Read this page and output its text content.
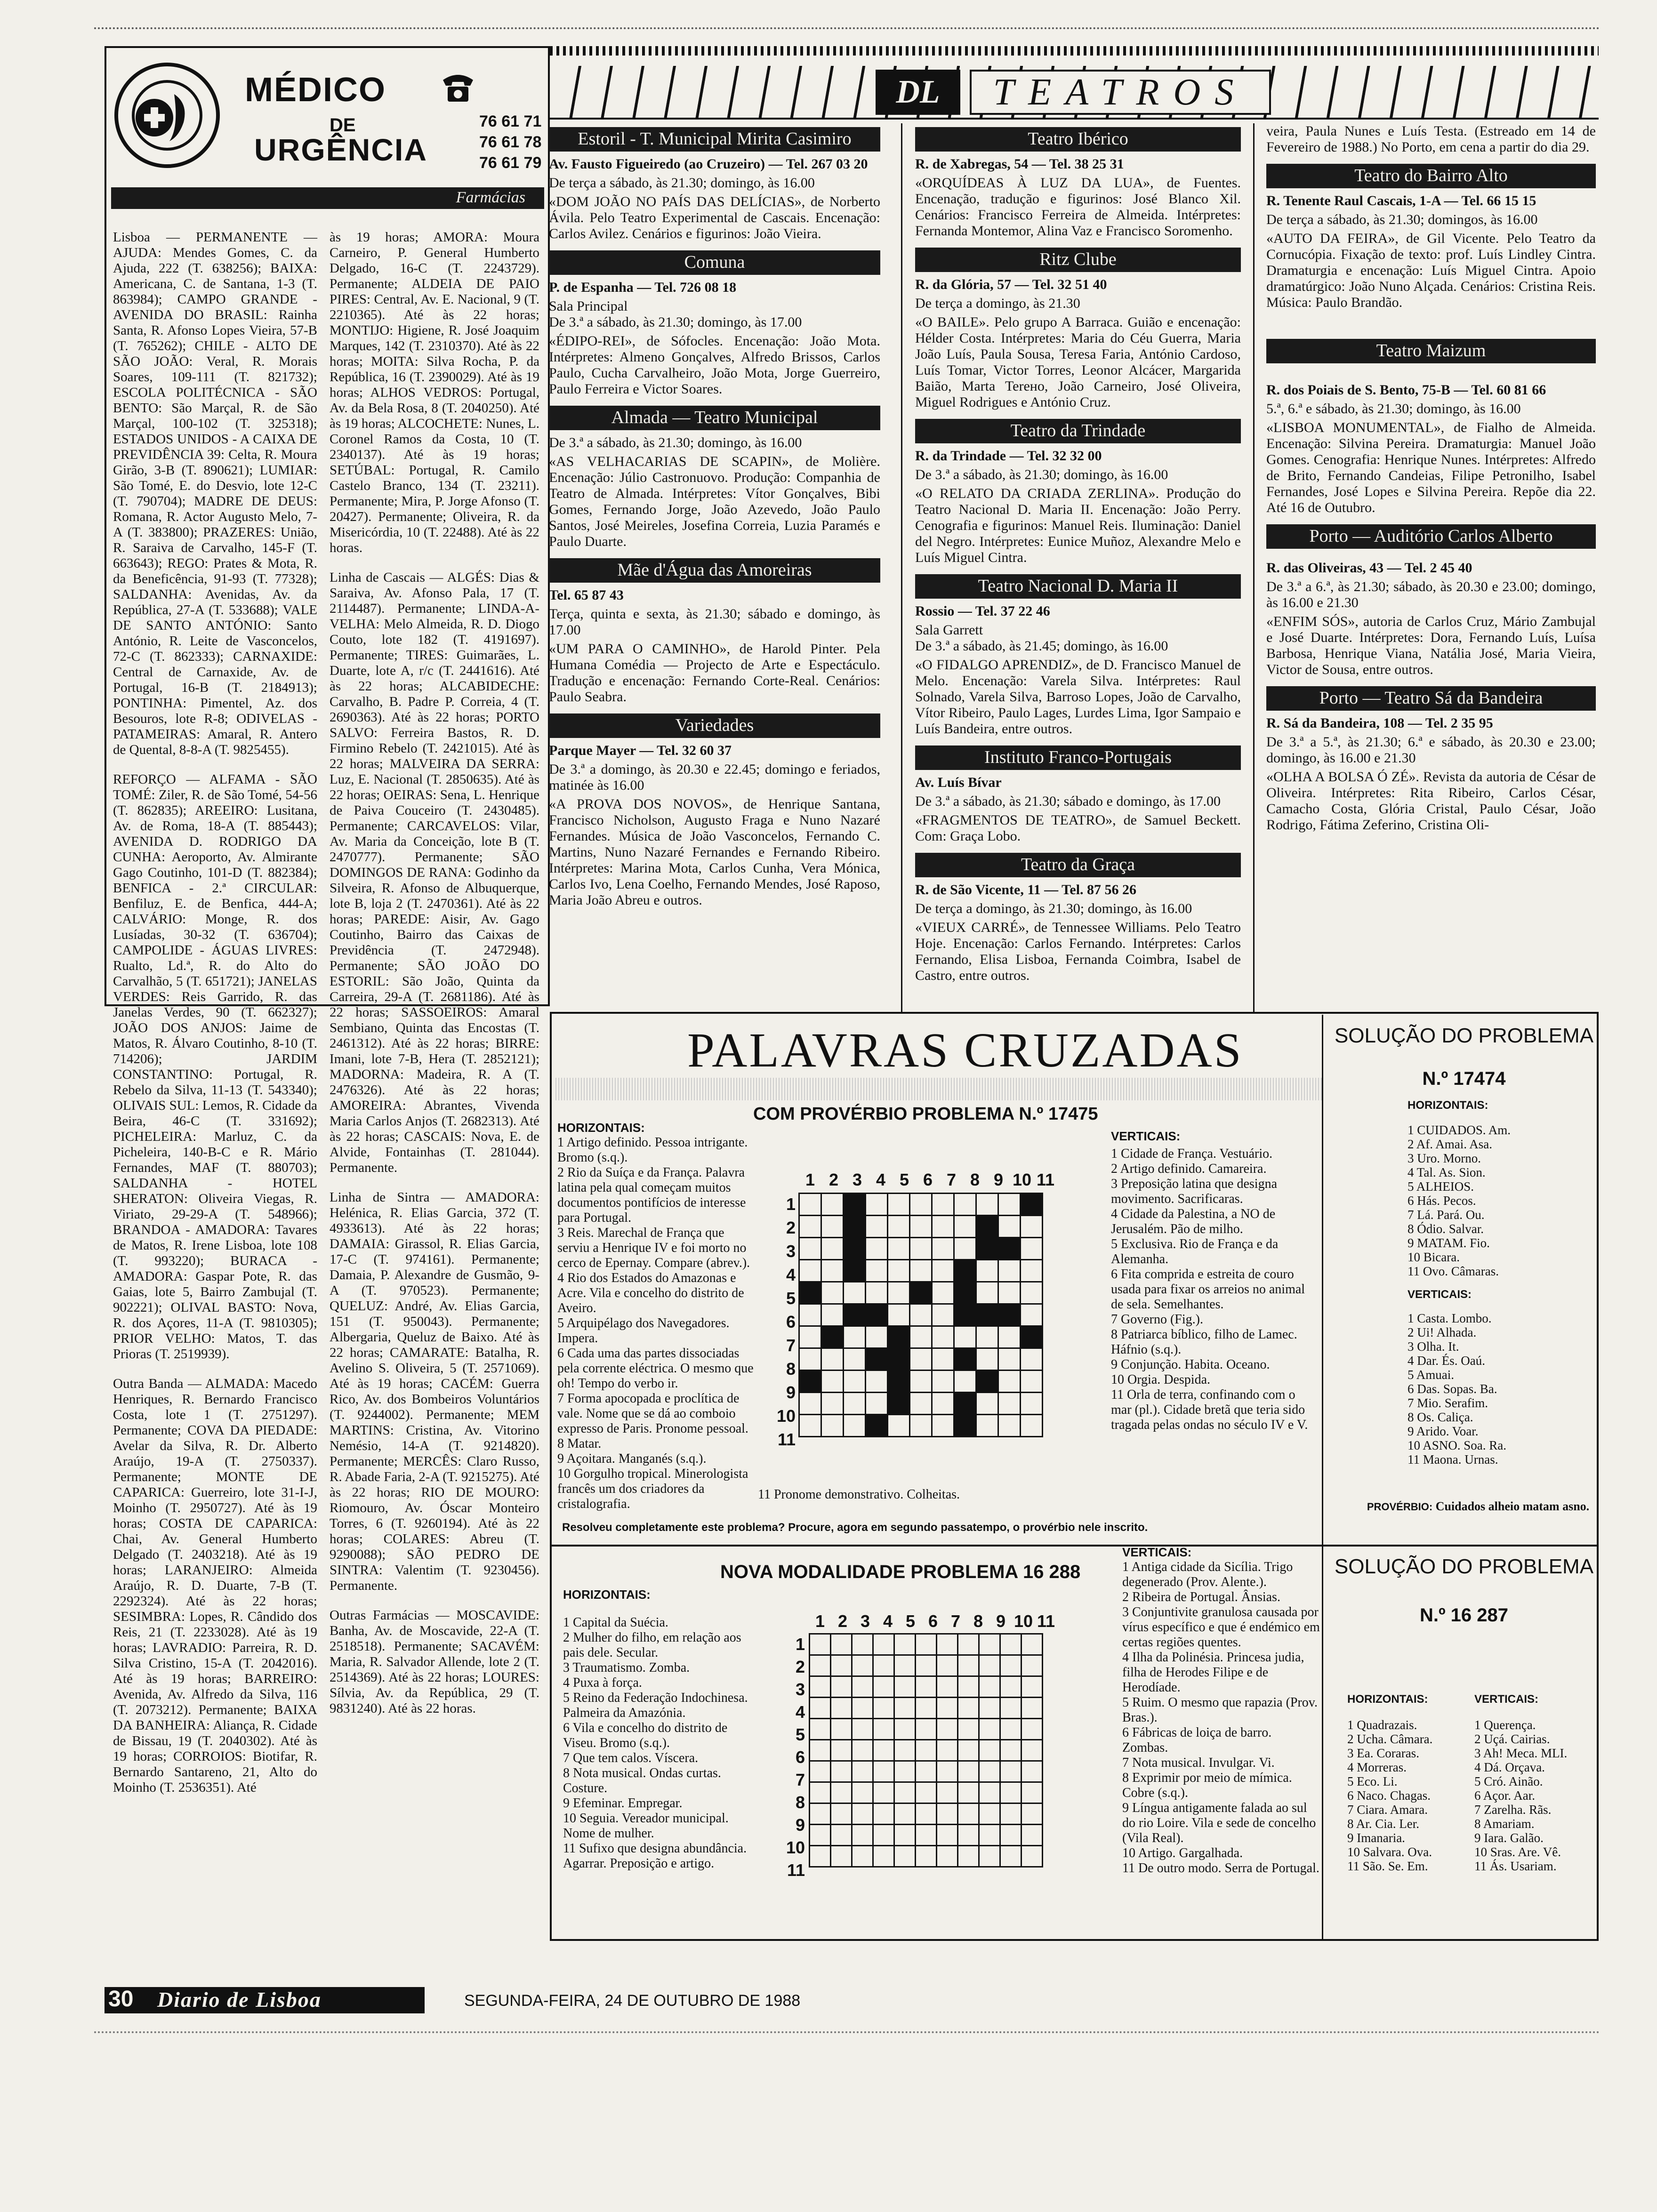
MÉDICO
DE
URGÊNCIA
76 61 71
76 61 78
76 61 79
Farmácias

Lisboa — PERMANENTE — AJUDA: Mendes Gomes, C. da Ajuda, 222 (T. 638256); BAIXA: Americana, C. de Santana, 1-3 (T. 863984); CAMPO GRANDE - AVENIDA DO BRASIL: Rainha Santa, R. Afonso Lopes Vieira, 57-B (T. 765262); CHILE - ALTO DE SÃO JOÃO: Veral, R. Morais Soares, 109-111 (T. 821732); ESCOLA POLITÉCNICA - SÃO BENTO: São Marçal, R. de São Marçal, 100-102 (T. 325318); ESTADOS UNIDOS - A CAIXA DE PREVIDÊNCIA 39: Celta, R. Moura Girão, 3-B (T. 890621); LUMIAR: São Tomé, E. do Desvio, lote 12-C (T. 790704); MADRE DE DEUS: Romana, R. Actor Augusto Melo, 7-A (T. 383800); PRAZERES: União, R. Saraiva de Carvalho, 145-F (T. 663643); REGO: Prates & Mota, R. da Beneficência, 91-93 (T. 77328); SALDANHA: Avenidas, Av. da República, 27-A (T. 533688); VALE DE SANTO ANTÓNIO: Santo António, R. Leite de Vasconcelos, 72-C (T. 862333); CARNAXIDE: Central de Carnaxide, Av. de Portugal, 16-B (T. 2184913); PONTINHA: Pimentel, Az. dos Besouros, lote R-8; ODIVELAS - PATAMEIRAS: Amaral, R. Antero de Quental, 8-8-A (T. 9825455).

REFORÇO — ALFAMA - SÃO TOMÉ: Ziler, R. de São Tomé, 54-56 (T. 862835); AREEIRO: Lusitana, Av. de Roma, 18-A (T. 885443); AVENIDA D. RODRIGO DA CUNHA: Aeroporto, Av. Almirante Gago Coutinho, 101-D (T. 882384); BENFICA - 2.ª CIRCULAR: Benfiluz, E. de Benfica, 444-A; CALVÁRIO: Monge, R. dos Lusíadas, 30-32 (T. 636704); CAMPOLIDE - ÁGUAS LIVRES: Rualto, Ld.ª, R. do Alto do Carvalhão, 5 (T. 651721); JANELAS VERDES: Reis Garrido, R. das Janelas Verdes, 90 (T. 662327); JOÃO DOS ANJOS: Jaime de Matos, R. Álvaro Coutinho, 8-10 (T. 714206); JARDIM CONSTANTINO: Portugal, R. Rebelo da Silva, 11-13 (T. 543340); OLIVAIS SUL: Lemos, R. Cidade da Beira, 46-C (T. 331692); PICHELEIRA: Marluz, C. da Picheleira, 140-B-C e R. Mário Fernandes, MAF (T. 880703); SALDANHA - HOTEL SHERATON: Oliveira Viegas, R. Viriato, 29-29-A (T. 548966); BRANDOA - AMADORA: Tavares de Matos, R. Irene Lisboa, lote 108 (T. 993220); BURACA - AMADORA: Gaspar Pote, R. das Gaias, lote 5, Bairro Zambujal (T. 902221); OLIVAL BASTO: Nova, R. dos Açores, 11-A (T. 9810305); PRIOR VELHO: Matos, T. das Prioras (T. 2519939).

Outra Banda — ALMADA: Macedo Henriques, R. Bernardo Francisco Costa, lote 1 (T. 2751297). Permanente; COVA DA PIEDADE: Avelar da Silva, R. Dr. Alberto Araújo, 19-A (T. 2750337). Permanente; MONTE DE CAPARICA: Guerreiro, lote 31-I-J, Moinho (T. 2950727). Até às 19 horas; COSTA DE CAPARICA: Chai, Av. General Humberto Delgado (T. 2403218). Até às 19 horas; LARANJEIRO: Almeida Araújo, R. D. Duarte, 7-B (T. 2292324). Até às 22 horas; SESIMBRA: Lopes, R. Cândido dos Reis, 21 (T. 2233028). Até às 19 horas; LAVRADIO: Parreira, R. D. Silva Cristino, 15-A (T. 2042016). Até às 19 horas; BARREIRO: Avenida, Av. Alfredo da Silva, 116 (T. 2073212). Permanente; BAIXA DA BANHEIRA: Aliança, R. Cidade de Bissau, 19 (T. 2040302). Até às 19 horas; CORROIOS: Biotifar, R. Bernardo Santareno, 21, Alto do Moinho (T. 2536351). Até

às 19 horas; AMORA: Moura Carneiro, P. General Humberto Delgado, 16-C (T. 2243729). Permanente; ALDEIA DE PAIO PIRES: Central, Av. E. Nacional, 9 (T. 2210365). Até às 22 horas; MONTIJO: Higiene, R. José Joaquim Marques, 142 (T. 2310370). Até às 22 horas; MOITA: Silva Rocha, P. da República, 16 (T. 2390029). Até às 19 horas; ALHOS VEDROS: Portugal, Av. da Bela Rosa, 8 (T. 2040250). Até às 19 horas; ALCOCHETE: Nunes, L. Coronel Ramos da Costa, 10 (T. 2340137). Até às 19 horas; SETÚBAL: Portugal, R. Camilo Castelo Branco, 134 (T. 23211). Permanente; Mira, P. Jorge Afonso (T. 20427). Permanente; Oliveira, R. da Misericórdia, 10 (T. 22488). Até às 22 horas.

Linha de Cascais — ALGÉS: Dias & Saraiva, Av. Afonso Pala, 17 (T. 2114487). Permanente; LINDA-A-VELHA: Melo Almeida, R. D. Diogo Couto, lote 182 (T. 4191697). Permanente; TIRES: Guimarães, L. Duarte, lote A, r/c (T. 2441616). Até às 22 horas; ALCABIDECHE: Carvalho, B. Padre P. Correia, 4 (T. 2690363). Até às 22 horas; PORTO SALVO: Ferreira Bastos, R. D. Firmino Rebelo (T. 2421015). Até às 22 horas; MALVEIRA DA SERRA: Luz, E. Nacional (T. 2850635). Até às 22 horas; OEIRAS: Sena, L. Henrique de Paiva Couceiro (T. 2430485). Permanente; CARCAVELOS: Vilar, Av. Maria da Conceição, lote B (T. 2470777). Permanente; SÃO DOMINGOS DE RANA: Godinho da Silveira, R. Afonso de Albuquerque, lote B, loja 2 (T. 2470361). Até às 22 horas; PAREDE: Aisir, Av. Gago Coutinho, Bairro das Caixas de Previdência (T. 2472948). Permanente; SÃO JOÃO DO ESTORIL: São João, Quinta da Carreira, 29-A (T. 2681186). Até às 22 horas; SASSOEIROS: Amaral Sembiano, Quinta das Encostas (T. 2461312). Até às 22 horas; BIRRE: Imani, lote 7-B, Hera (T. 2852121); MADORNA: Madeira, R. A (T. 2476326). Até às 22 horas; AMOREIRA: Abrantes, Vivenda Maria Carlos Anjos (T. 2682313). Até às 22 horas; CASCAIS: Nova, E. de Alvide, Fontainhas (T. 281044). Permanente.

Linha de Sintra — AMADORA: Helénica, R. Elias Garcia, 372 (T. 4933613). Até às 22 horas; DAMAIA: Girassol, R. Elias Garcia, 17-C (T. 974161). Permanente; Damaia, P. Alexandre de Gusmão, 9-A (T. 970523). Permanente; QUELUZ: André, Av. Elias Garcia, 151 (T. 950043). Permanente; Albergaria, Queluz de Baixo. Até às 22 horas; CAMARATE: Batalha, R. Avelino S. Oliveira, 5 (T. 2571069). Até às 19 horas; CACÉM: Guerra Rico, Av. dos Bombeiros Voluntários (T. 9244002). Permanente; MEM MARTINS: Cristina, Av. Vitorino Nemésio, 14-A (T. 9214820). Permanente; MERCÊS: Claro Russo, R. Abade Faria, 2-A (T. 9215275). Até às 22 horas; RIO DE MOURO: Riomouro, Av. Óscar Monteiro Torres, 6 (T. 9260194). Até às 22 horas; COLARES: Abreu (T. 9290088); SÃO PEDRO DE SINTRA: Valentim (T. 9230456). Permanente.

Outras Farmácias — MOSCAVIDE: Banha, Av. de Moscavide, 22-A (T. 2518518). Permanente; SACAVÉM: Maria, R. Salvador Allende, lote 2 (T. 2514369). Até às 22 horas; LOURES: Sílvia, Av. da República, 29 (T. 9831240). Até às 22 horas.

DL	TEATROS
Estoril - T. Municipal Mirita Casimiro

Av. Fausto Figueiredo (ao Cruzeiro) — Tel. 267 03 20

De terça a sábado, às 21.30; domingo, às 16.00

«DOM JOÃO NO PAÍS DAS DELÍCIAS», de Norberto Ávila. Pelo Teatro Experimental de Cascais. Encenação: Carlos Avilez. Cenários e figurinos: João Vieira.

Comuna

P. de Espanha — Tel. 726 08 18

Sala Principal
De 3.ª a sábado, às 21.30; domingo, às 17.00

«ÉDIPO-REI», de Sófocles. Encenação: João Mota. Intérpretes: Almeno Gonçalves, Alfredo Brissos, Carlos Paulo, Cucha Carvalheiro, João Mota, Jorge Guerreiro, Paulo Ferreira e Victor Soares.

Almada — Teatro Municipal

De 3.ª a sábado, às 21.30; domingo, às 16.00

«AS VELHACARIAS DE SCAPIN», de Molière. Encenação: Júlio Castronuovo. Produção: Companhia de Teatro de Almada. Intérpretes: Vítor Gonçalves, Bibi Gomes, Fernando Jorge, João Azevedo, João Paulo Santos, José Meireles, Josefina Correia, Luzia Paramés e Paulo Duarte.

Mãe d'Água das Amoreiras

Tel. 65 87 43

Terça, quinta e sexta, às 21.30; sábado e domingo, às 17.00

«UM PARA O CAMINHO», de Harold Pinter. Pela Humana Comédia — Projecto de Arte e Espectáculo. Tradução e encenação: Fernando Corte-Real. Cenários: Paulo Seabra.

Variedades

Parque Mayer — Tel. 32 60 37

De 3.ª a domingo, às 20.30 e 22.45; domingo e feriados, matinée às 16.00

«A PROVA DOS NOVOS», de Henrique Santana, Francisco Nicholson, Augusto Fraga e Nuno Nazaré Fernandes. Música de João Vasconcelos, Fernando C. Martins, Nuno Nazaré Fernandes e Fernando Ribeiro. Intérpretes: Marina Mota, Carlos Cunha, Vera Mónica, Carlos Ivo, Lena Coelho, Fernando Mendes, José Raposo, Maria João Abreu e outros.

Teatro Ibérico

R. de Xabregas, 54 — Tel. 38 25 31

«ORQUÍDEAS À LUZ DA LUA», de Fuentes. Encenação, tradução e figurinos: José Blanco Xil. Cenários: Francisco Ferreira de Almeida. Intérpretes: Fernanda Montemor, Alina Vaz e Francisco Soromenho.

Ritz Clube

R. da Glória, 57 — Tel. 32 51 40

De terça a domingo, às 21.30

«O BAILE». Pelo grupo A Barraca. Guião e encenação: Hélder Costa. Intérpretes: Maria do Céu Guerra, Maria João Luís, Paula Sousa, Teresa Faria, António Cardoso, Luís Tomar, Victor Torres, Leonor Alcácer, Margarida Baião, Marta Terено, João Carneiro, José Oliveira, Miguel Rodrigues e António Cruz.

Teatro da Trindade

R. da Trindade — Tel. 32 32 00

De 3.ª a sábado, às 21.30; domingo, às 16.00

«O RELATO DA CRIADA ZERLINA». Produção do Teatro Nacional D. Maria II. Encenação: João Perry. Cenografia e figurinos: Manuel Reis. Iluminação: Daniel del Negro. Intérpretes: Eunice Muñoz, Alexandre Melo e Luís Miguel Cintra.

Teatro Nacional D. Maria II

Rossio — Tel. 37 22 46

Sala Garrett
De 3.ª a sábado, às 21.45; domingo, às 16.00

«O FIDALGO APRENDIZ», de D. Francisco Manuel de Melo. Encenação: Varela Silva. Intérpretes: Raul Solnado, Varela Silva, Barroso Lopes, João de Carvalho, Vítor Ribeiro, Paulo Lages, Lurdes Lima, Igor Sampaio e Luís Bandeira, entre outros.

Instituto Franco-Portugais

Av. Luís Bívar

De 3.ª a sábado, às 21.30; sábado e domingo, às 17.00

«FRAGMENTOS DE TEATRO», de Samuel Beckett. Com: Graça Lobo.

Teatro da Graça

R. de São Vicente, 11 — Tel. 87 56 26

De terça a domingo, às 21.30; domingo, às 16.00

«VIEUX CARRÉ», de Tennessee Williams. Pelo Teatro Hoje. Encenação: Carlos Fernando. Intérpretes: Carlos Fernando, Elisa Lisboa, Fernanda Coimbra, Isabel de Castro, entre outros.

veira, Paula Nunes e Luís Testa. (Estreado em 14 de Fevereiro de 1988.) No Porto, em cena a partir do dia 29.

Teatro do Bairro Alto

R. Tenente Raul Cascais, 1-A — Tel. 66 15 15

De terça a sábado, às 21.30; domingos, às 16.00

«AUTO DA FEIRA», de Gil Vicente. Pelo Teatro da Cornucópia. Fixação de texto: prof. Luís Lindley Cintra. Dramaturgia e encenação: Luís Miguel Cintra. Apoio dramatúrgico: João Nuno Alçada. Cenários: Cristina Reis. Música: Paulo Brandão.

Teatro Maizum

R. dos Poiais de S. Bento, 75-B — Tel. 60 81 66

5.ª, 6.ª e sábado, às 21.30; domingo, às 16.00

«LISBOA MONUMENTAL», de Fialho de Almeida. Encenação: Silvina Pereira. Dramaturgia: Manuel João Gomes. Cenografia: Henrique Nunes. Intérpretes: Alfredo de Brito, Fernando Candeias, Filipe Petronilho, Isabel Fernandes, José Lopes e Silvina Pereira. Repõe dia 22. Até 16 de Outubro.

Porto — Auditório Carlos Alberto

R. das Oliveiras, 43 — Tel. 2 45 40

De 3.ª a 6.ª, às 21.30; sábado, às 20.30 e 23.00; domingo, às 16.00 e 21.30

«ENFIM SÓS», autoria de Carlos Cruz, Mário Zambujal e José Duarte. Intérpretes: Dora, Fernando Luís, Luísa Barbosa, Henrique Viana, Natália José, Maria Vieira, Victor de Sousa, entre outros.

Porto — Teatro Sá da Bandeira

R. Sá da Bandeira, 108 — Tel. 2 35 95

De 3.ª a 5.ª, às 21.30; 6.ª e sábado, às 20.30 e 23.00; domingo, às 16.00 e 21.30

«OLHA A BOLSA Ó ZÉ». Revista da autoria de César de Oliveira. Intérpretes: Rita Ribeiro, Carlos César, Camacho Costa, Glória Cristal, Paulo César, João Rodrigo, Fátima Zeferino, Cristina Oli-

PALAVRAS CRUZADAS
HORIZONTAIS:
1 Artigo definido. Pessoa intrigante. Bromo (s.q.).
2 Rio da Suíça e da França. Palavra latina pela qual começam muitos documentos pontifícios de interesse para Portugal.
3 Reis. Marechal de França que serviu a Henrique IV e foi morto no cerco de Epernay. Compare (abrev.).
4 Rio dos Estados do Amazonas e Acre. Vila e concelho do distrito de Aveiro.
5 Arquipélago dos Navegadores. Impera.
6 Cada uma das partes dissociadas pela corrente eléctrica. O mesmo que oh! Tempo do verbo ir.
7 Forma apocopada e proclítica de vale. Nome que se dá ao comboio expresso de Paris. Pronome pessoal.
8 Matar.
9 Açoitara. Manganés (s.q.).
10 Gorgulho tropical. Minerologista francês um dos criadores da cristalografia.
11 Pronome demonstrativo. Colheitas.
COM PROVÉRBIO PROBLEMA N.º 17475
1 2 3 4 5 6 7 8 9 10 11
1
2
3
4
5
6
7
8
9
10
11

VERTICAIS:
1 Cidade de França. Vestuário.
2 Artigo definido. Camareira.
3 Preposição latina que designa movimento. Sacrificaras.
4 Cidade da Palestina, a NO de Jerusalém. Pão de milho.
5 Exclusiva. Rio de França e da Alemanha.
6 Fita comprida e estreita de couro usada para fixar os arreios no animal de sela. Semelhantes.
7 Governo (Fig.).
8 Patriarca bíblico, filho de Lamec. Háfnio (s.q.).
9 Conjunção. Habita. Oceano.
10 Orgia. Despida.
11 Orla de terra, confinando com o mar (pl.). Cidade bretã que teria sido tragada pelas ondas no século IV e V.
Resolveu completamente este problema? Procure, agora em segundo passatempo, o provérbio nele inscrito.
SOLUÇÃO DO PROBLEMA
N.º 17474
HORIZONTAIS:
1 CUIDADOS. Am.
2 Af. Amai. Asa.
3 Uro. Morno.
4 Tal. As. Sion.
5 ALHEIOS.
6 Hás. Pecos.
7 Lá. Pará. Ou.
8 Ódio. Salvar.
9 MATAM. Fio.
10 Bicara.
11 Ovo. Câmaras.
VERTICAIS:
1 Casta. Lombo.
2 Ui! Alhada.
3 Olha. It.
4 Dar. És. Oaú.
5 Amuai.
6 Das. Sopas. Ba.
7 Mio. Serafim.
8 Os. Caliça.
9 Arido. Voar.
10 ASNO. Soa. Ra.
11 Maona. Urnas.
PROVÉRBIO: Cuidados alheio matam asno.
NOVA MODALIDADE PROBLEMA 16 288
HORIZONTAIS:
1 Capital da Suécia.
2 Mulher do filho, em relação aos pais dele. Secular.
3 Traumatismo. Zomba.
4 Puxa à força.
5 Reino da Federação Indochinesa. Palmeira da Amazónia.
6 Vila e concelho do distrito de Viseu. Bromo (s.q.).
7 Que tem calos. Víscera.
8 Nota musical. Ondas curtas. Costure.
9 Efeminar. Empregar.
10 Seguia. Vereador municipal. Nome de mulher.
11 Sufixo que designa abundância. Agarrar. Preposição e artigo.
1 2 3 4 5 6 7 8 9 10 11
1
2
3
4
5
6
7
8
9
10
11

VERTICAIS:
1 Antiga cidade da Sicília. Trigo degenerado (Prov. Alente.).
2 Ribeira de Portugal. Ânsias.
3 Conjuntivite granulosa causada por vírus específico e que é endémico em certas regiões quentes.
4 Ilha da Polinésia. Princesa judia, filha de Herodes Filipe e de Herodíade.
5 Ruim. O mesmo que rapazia (Prov. Bras.).
6 Fábricas de loiça de barro. Zombas.
7 Nota musical. Invulgar. Vi.
8 Exprimir por meio de mímica. Cobre (s.q.).
9 Língua antigamente falada ao sul do rio Loire. Vila e sede de concelho (Vila Real).
10 Artigo. Gargalhada.
11 De outro modo. Serra de Portugal.
SOLUÇÃO DO PROBLEMA
N.º 16 287
HORIZONTAIS:
1 Quadrazais.
2 Ucha. Câmara.
3 Ea. Coraras.
4 Morreras.
5 Eco. Li.
6 Naco. Chagas.
7 Ciara. Amara.
8 Ar. Cia. Ler.
9 Imanaria.
10 Salvara. Ova.
11 São. Se. Em.
VERTICAIS:
1 Querença.
2 Uçá. Cairias.
3 Ah! Meca. MLI.
4 Dá. Orçava.
5 Cró. Ainão.
6 Açor. Aar.
7 Zarelha. Rãs.
8 Amariam.
9 Iara. Galão.
10 Sras. Are. Vê.
11 Ás. Usariam.
30 Diario de Lisboa	SEGUNDA-FEIRA, 24 DE OUTUBRO DE 1988
